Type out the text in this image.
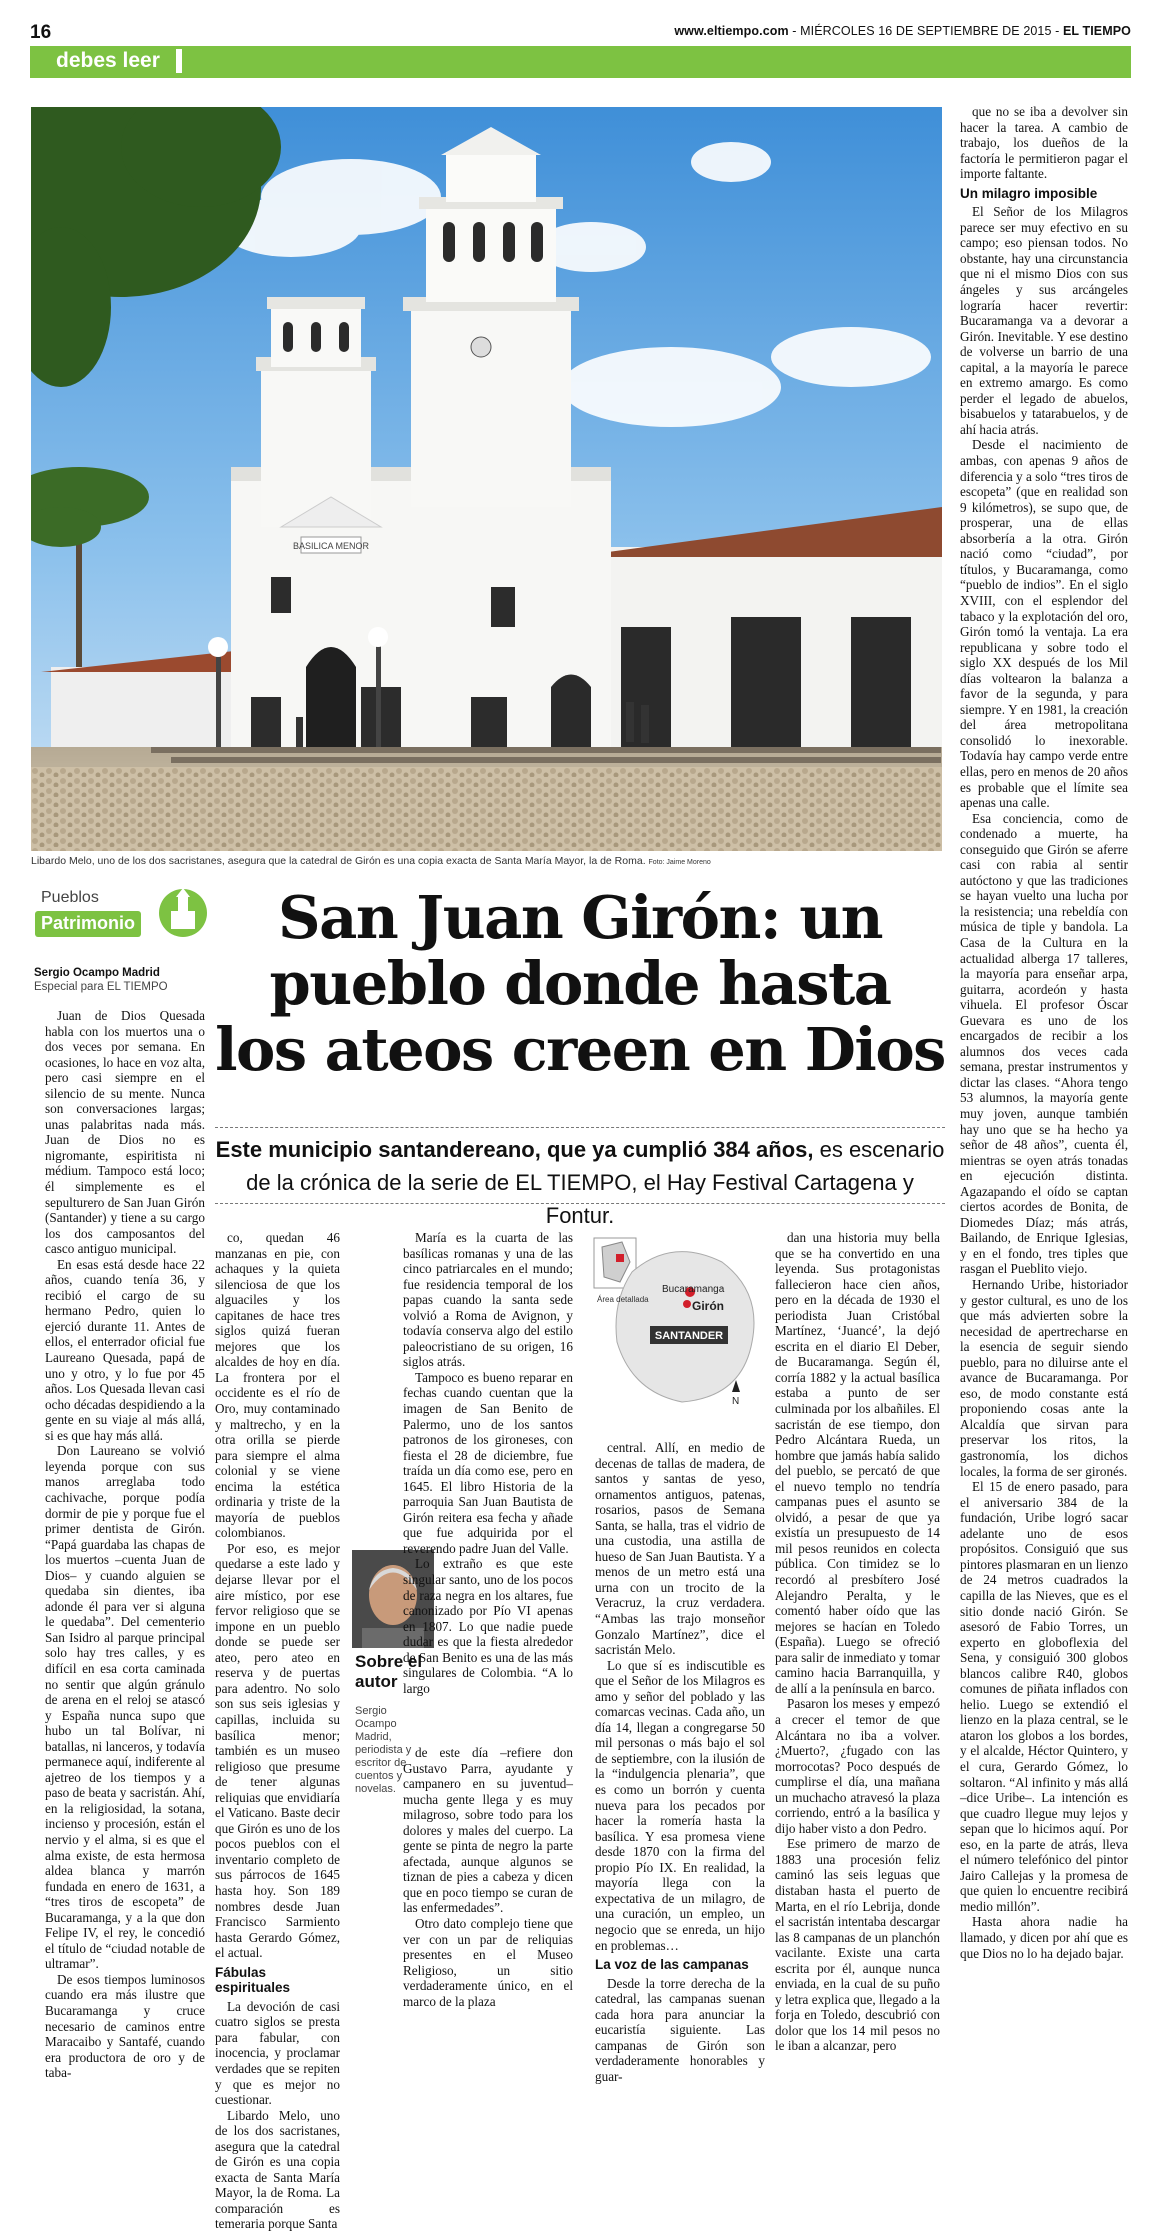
16	www.eltiempo.com - MIÉRCOLES 16 DE SEPTIEMBRE DE 2015 - EL TIEMPO
debes leer
BASILICA MENOR
Libardo Melo, uno de los dos sacristanes, asegura que la catedral de Girón es una copia exacta de Santa María Mayor, la de Roma. Foto: Jaime Moreno
Pueblos
Patrimonio
Sergio Ocampo Madrid
Especial para EL TIEMPO
San Juan Girón: un
pueblo donde hasta
los ateos creen en Dios
Este municipio santandereano, que ya cumplió 384 años, es escenario
de la crónica de la serie de EL TIEMPO, el Hay Festival Cartagena y Fontur.

Juan de Dios Quesada habla con los muertos una o dos veces por semana. En ocasiones, lo hace en voz alta, pero casi siempre en el silencio de su mente. Nunca son conversaciones largas; unas palabritas nada más. Juan de Dios no es nigromante, espiritista ni médium. Tampoco está loco; él simplemente es el sepulturero de San Juan Girón (Santander) y tiene a su cargo los dos camposantos del casco antiguo municipal.

En esas está desde hace 22 años, cuando tenía 36, y recibió el cargo de su hermano Pedro, quien lo ejerció durante 11. Antes de ellos, el enterrador oficial fue Laureano Quesada, papá de uno y otro, y lo fue por 45 años. Los Quesada llevan casi ocho décadas despidiendo a la gente en su viaje al más allá, si es que hay más allá.

Don Laureano se volvió leyenda porque con sus manos arreglaba todo cachivache, porque podía dormir de pie y porque fue el primer dentista de Girón. “Papá guardaba las chapas de los muertos –cuenta Juan de Dios– y cuando alguien se quedaba sin dientes, iba adonde él para ver si alguna le quedaba”. Del cementerio San Isidro al parque principal solo hay tres calles, y es difícil en esa corta caminada no sentir que algún gránulo de arena en el reloj se atascó y España nunca supo que hubo un tal Bolívar, ni batallas, ni lanceros, y todavía permanece aquí, indiferente al ajetreo de los tiempos y a paso de beata y sacristán. Ahí, en la religiosidad, la sotana, incienso y procesión, están el nervio y el alma, si es que el alma existe, de esta hermosa aldea blanca y marrón fundada en enero de 1631, a “tres tiros de escopeta” de Bucaramanga, y a la que don Felipe IV, el rey, le concedió el título de “ciudad notable de ultramar”.

De esos tiempos luminosos cuando era más ilustre que Bucaramanga y cruce necesario de caminos entre Maracaibo y Santafé, cuando era productora de oro y de taba-

co, quedan 46 manzanas en pie, con achaques y la quieta silenciosa de que los alguaciles y los capitanes de hace tres siglos quizá fueran mejores que los alcaldes de hoy en día. La frontera por el occidente es el río de Oro, muy contaminado y maltrecho, y en la otra orilla se pierde para siempre el alma colonial y se viene encima la estética ordinaria y triste de la mayoría de pueblos colombianos.

Por eso, es mejor quedarse a este lado y dejarse llevar por el aire místico, por ese fervor religioso que se impone en un pueblo donde se puede ser ateo, pero ateo en reserva y de puertas para adentro. No solo son sus seis iglesias y capillas, incluida su basílica menor; también es un museo religioso que presume de tener algunas reliquias que envidiaría el Vaticano. Baste decir que Girón es uno de los pocos pueblos con el inventario completo de sus párrocos de 1645 hasta hoy. Son 189 nombres desde Juan Francisco Sarmiento hasta Gerardo Gómez, el actual.

Fábulas espirituales

La devoción de casi cuatro siglos se presta para fabular, con inocencia, y proclamar verdades que se repiten y que es mejor no cuestionar.

Libardo Melo, uno de los dos sacristanes, asegura que la catedral de Girón es una copia exacta de Santa María Mayor, la de Roma. La comparación es temeraria porque Santa

Sobre el autor
Sergio Ocampo Madrid, periodista y escritor de cuentos y novelas.

María es la cuarta de las basílicas romanas y una de las cinco patriarcales en el mundo; fue residencia temporal de los papas cuando la santa sede volvió a Roma de Avignon, y todavía conserva algo del estilo paleocristiano de su origen, 16 siglos atrás.

Tampoco es bueno reparar en fechas cuando cuentan que la imagen de San Benito de Palermo, uno de los santos patronos de los gironeses, con fiesta el 28 de diciembre, fue traída un día como ese, pero en 1645. El libro Historia de la parroquia San Juan Bautista de Girón reitera esa fecha y añade que fue adquirida por el reverendo padre Juan del Valle.

Lo extraño es que este singular santo, uno de los pocos de raza negra en los altares, fue canonizado por Pío VI apenas en 1807. Lo que nadie puede dudar es que la fiesta alrededor de San Benito es una de las más singulares de Colombia. “A lo largo

de este día –refiere don Gustavo Parra, ayudante y campanero en su juventud– mucha gente llega y es muy milagroso, sobre todo para los dolores y males del cuerpo. La gente se pinta de negro la parte afectada, aunque algunos se tiznan de pies a cabeza y dicen que en poco tiempo se curan de las enfermedades”.

Otro dato complejo tiene que ver con un par de reliquias presentes en el Museo Religioso, un sitio verdaderamente único, en el marco de la plaza

SANTANDER
Área detallada
Bucaramanga
Girón
N

central. Allí, en medio de decenas de tallas de madera, de santos y santas de yeso, ornamentos antiguos, patenas, rosarios, pasos de Semana Santa, se halla, tras el vidrio de una custodia, una astilla de hueso de San Juan Bautista. Y a menos de un metro está una urna con un trocito de la Veracruz, la cruz verdadera. “Ambas las trajo monseñor Gonzalo Martínez”, dice el sacristán Melo.

Lo que sí es indiscutible es que el Señor de los Milagros es amo y señor del poblado y las comarcas vecinas. Cada año, un día 14, llegan a congregarse 50 mil personas o más bajo el sol de septiembre, con la ilusión de la “indulgencia plenaria”, que es como un borrón y cuenta nueva para los pecados por hacer la romería hasta la basílica. Y esa promesa viene desde 1870 con la firma del propio Pío IX. En realidad, la mayoría llega con la expectativa de un milagro, de una curación, un empleo, un negocio que se enreda, un hijo en problemas…

La voz de las campanas

Desde la torre derecha de la catedral, las campanas suenan cada hora para anunciar la eucaristía siguiente. Las campanas de Girón son verdaderamente honorables y guar-

dan una historia muy bella que se ha convertido en una leyenda. Sus protagonistas fallecieron hace cien años, pero en la década de 1930 el periodista Juan Cristóbal Martínez, ‘Juancé’, la dejó escrita en el diario El Deber, de Bucaramanga. Según él, corría 1882 y la actual basílica estaba a punto de ser culminada por los albañiles. El sacristán de ese tiempo, don Pedro Alcántara Rueda, un hombre que jamás había salido del pueblo, se percató de que el nuevo templo no tendría campanas pues el asunto se olvidó, a pesar de que ya existía un presupuesto de 14 mil pesos reunidos en colecta pública. Con timidez se lo recordó al presbítero José Alejandro Peralta, y le comentó haber oído que las mejores se hacían en Toledo (España). Luego se ofreció para salir de inmediato y tomar camino hacia Barranquilla, y de allí a la península en barco.

Pasaron los meses y empezó a crecer el temor de que Alcántara no iba a volver. ¿Muerto?, ¿fugado con las morrocotas? Poco después de cumplirse el día, una mañana un muchacho atravesó la plaza corriendo, entró a la basílica y dijo haber visto a don Pedro.

Ese primero de marzo de 1883 una procesión feliz caminó las seis leguas que distaban hasta el puerto de Marta, en el río Lebrija, donde el sacristán intentaba descargar las 8 campanas de un planchón vacilante. Existe una carta escrita por él, aunque nunca enviada, en la cual de su puño y letra explica que, llegado a la forja en Toledo, descubrió con dolor que los 14 mil pesos no le iban a alcanzar, pero

que no se iba a devolver sin hacer la tarea. A cambio de trabajo, los dueños de la factoría le permitieron pagar el importe faltante.

Un milagro imposible

El Señor de los Milagros parece ser muy efectivo en su campo; eso piensan todos. No obstante, hay una circunstancia que ni el mismo Dios con sus ángeles y sus arcángeles lograría hacer revertir: Bucaramanga va a devorar a Girón. Inevitable. Y ese destino de volverse un barrio de una capital, a la mayoría le parece en extremo amargo. Es como perder el legado de abuelos, bisabuelos y tatarabuelos, y de ahí hacia atrás.

Desde el nacimiento de ambas, con apenas 9 años de diferencia y a solo “tres tiros de escopeta” (que en realidad son 9 kilómetros), se supo que, de prosperar, una de ellas absorbería a la otra. Girón nació como “ciudad”, por títulos, y Bucaramanga, como “pueblo de indios”. En el siglo XVIII, con el esplendor del tabaco y la explotación del oro, Girón tomó la ventaja. La era republicana y sobre todo el siglo XX después de los Mil días voltearon la balanza a favor de la segunda, y para siempre. Y en 1981, la creación del área metropolitana consolidó lo inexorable. Todavía hay campo verde entre ellas, pero en menos de 20 años es probable que el límite sea apenas una calle.

Esa conciencia, como de condenado a muerte, ha conseguido que Girón se aferre casi con rabia al sentir autóctono y que las tradiciones se hayan vuelto una lucha por la resistencia; una rebeldía con música de tiple y bandola. La Casa de la Cultura en la actualidad alberga 17 talleres, la mayoría para enseñar arpa, guitarra, acordeón y hasta vihuela. El profesor Óscar Guevara es uno de los encargados de recibir a los alumnos dos veces cada semana, prestar instrumentos y dictar las clases. “Ahora tengo 53 alumnos, la mayoría gente muy joven, aunque también hay uno que se ha hecho ya señor de 48 años”, cuenta él, mientras se oyen atrás tonadas en ejecución distinta. Agazapando el oído se captan ciertos acordes de Bonita, de Diomedes Díaz; más atrás, Bailando, de Enrique Iglesias, y en el fondo, tres tiples que rasgan el Pueblito viejo.

Hernando Uribe, historiador y gestor cultural, es uno de los que más advierten sobre la necesidad de apertrecharse en la esencia de seguir siendo pueblo, para no diluirse ante el avance de Bucaramanga. Por eso, de modo constante está proponiendo cosas ante la Alcaldía que sirvan para preservar los ritos, la gastronomía, los dichos locales, la forma de ser gironés.

El 15 de enero pasado, para el aniversario 384 de la fundación, Uribe logró sacar adelante uno de esos propósitos. Consiguió que sus pintores plasmaran en un lienzo de 24 metros cuadrados la capilla de las Nieves, que es el sitio donde nació Girón. Se asesoró de Fabio Torres, un experto en globoflexia del Sena, y consiguió 300 globos blancos calibre R40, globos comunes de piñata inflados con helio. Luego se extendió el lienzo en la plaza central, se le ataron los globos a los bordes, y el alcalde, Héctor Quintero, y el cura, Gerardo Gómez, lo soltaron. “Al infinito y más allá –dice Uribe–. La intención es que cuadro llegue muy lejos y sepan que lo hicimos aquí. Por eso, en la parte de atrás, lleva el número telefónico del pintor Jairo Callejas y la promesa de que quien lo encuentre recibirá medio millón”.

Hasta ahora nadie ha llamado, y dicen por ahí que es que Dios no lo ha dejado bajar.
